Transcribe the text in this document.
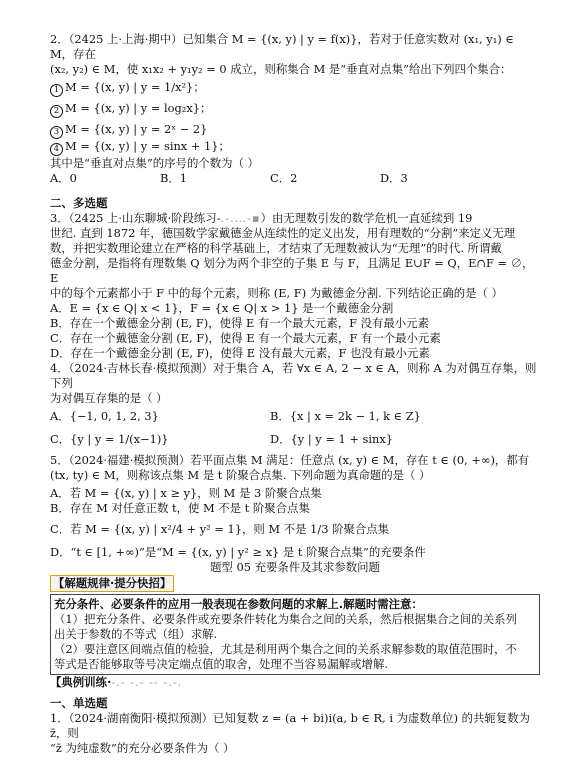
2．（2425 上·上海·期中）已知集合 M = {(x, y) | y = f(x)}，若对于任意实数对 (x₁, y₁) ∈ M，存在

(x₂, y₂) ∈ M，使 x₁x₂ + y₁y₂ = 0 成立，则称集合 M 是“垂直对点集”给出下列四个集合：

1 M = {(x, y) | y = 1/x²}；

2 M = {(x, y) | y = log₂x}；

3 M = {(x, y) | y = 2ˣ − 2}

4 M = {(x, y) | y = sinx + 1}；

其中是“垂直对点集”的序号的个数为（ ）

A．0	B．1	C．2	D．3

二、多选题

3．（2425 上·山东聊城·阶段练习-.-.…-▪）由无理数引发的数学危机一直延续到 19

世纪. 直到 1872 年，德国数学家戴德金从连续性的定义出发，用有理数的“分割”来定义无理

数，并把实数理论建立在严格的科学基础上，才结束了无理数被认为“无理”的时代. 所谓戴

德金分割，是指将有理数集 Q 划分为两个非空的子集 E 与 F，且满足 E∪F = Q，E∩F = ∅， E

中的每个元素都小于 F 中的每个元素，则称 (E, F) 为戴德金分割. 下列结论正确的是（ ）

A．E = {x ∈ Q| x < 1}，F = {x ∈ Q| x > 1} 是一个戴德金分割

B．存在一个戴德金分割 (E, F)，使得 E 有一个最大元素，F 没有最小元素

C．存在一个戴德金分割 (E, F)，使得 E 有一个最大元素，F 有一个最小元素

D．存在一个戴德金分割 (E, F)，使得 E 没有最大元素，F 也没有最小元素

4．（2024·吉林长春·模拟预测）对于集合 A，若 ∀x ∈ A, 2 − x ∈ A，则称 A 为对偶互存集，则下列

为对偶互存集的是（ ）

A．{−1, 0, 1, 2, 3}	B．{x | x = 2k − 1, k ∈ Z}
C．{y | y = 1/(x−1)}	D．{y | y = 1 + sinx}

5．（2024·福建·模拟预测）若平面点集 M 满足：任意点 (x, y) ∈ M，存在 t ∈ (0, +∞)，都有

(tx, ty) ∈ M，则称该点集 M 是 t 阶聚合点集. 下列命题为真命题的是（ ）

A．若 M = {(x, y) | x ≥ y}，则 M 是 3 阶聚合点集

B．存在 M 对任意正数 t，使 M 不是 t 阶聚合点集

C．若 M = {(x, y) | x²/4 + y² = 1}，则 M 不是 1/3 阶聚合点集

D．“t ∈ [1, +∞)”是“M = {(x, y) | y² ≥ x} 是 t 阶聚合点集”的充要条件

题型 05 充要条件及其求参数问题

【解题规律·提分快招】

充分条件、必要条件的应用一般表现在参数问题的求解上.解题时需注意：

（1）把充分条件、必要条件或充要条件转化为集合之间的关系，然后根据集合之间的关系列

出关于参数的不等式（组）求解.

（2）要注意区间端点值的检验，尤其是利用两个集合之间的关系求解参数的取值范围时，不

等式是否能够取等号决定端点值的取舍，处理不当容易漏解或增解.

【典例训练·-.- -.- -- -.-.

一、单选题

1．（2024·湖南衡阳·模拟预测）已知复数 z = (a + bi)i(a, b ∈ R, i 为虚数单位) 的共轭复数为 z̄，则

“z̄ 为纯虚数”的充分必要条件为（ ）
